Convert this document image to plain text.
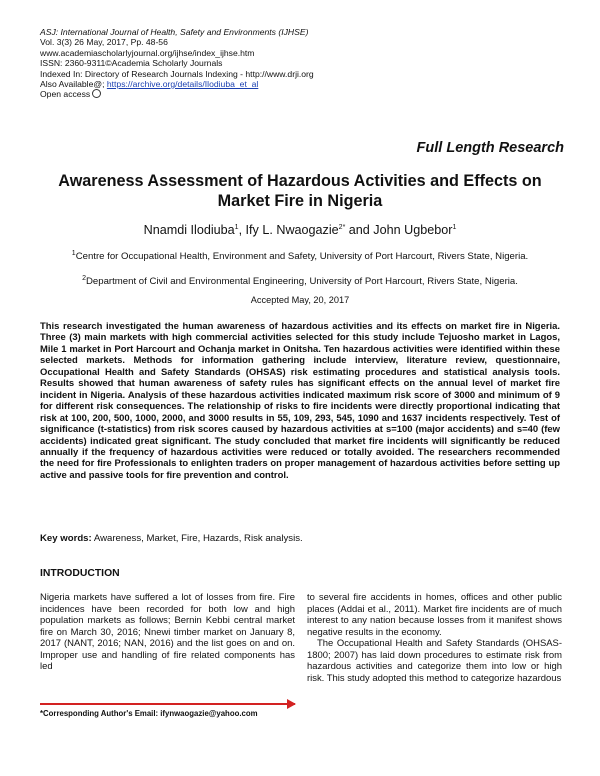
ASJ: International Journal of Health, Safety and Environments (IJHSE)
Vol. 3(3) 26 May, 2017, Pp. 48-56
www.academiascholarlyjournal.org/ijhse/index_ijhse.htm
ISSN: 2360-9311©Academia Scholarly Journals
Indexed In: Directory of Research Journals Indexing - http://www.drji.org
Also Available@; https://archive.org/details/Ilodiuba_et_al
Open access
Full Length Research
Awareness Assessment of Hazardous Activities and Effects on Market Fire in Nigeria
Nnamdi Ilodiuba$^1$, Ify L. Nwaogazie$^{2*}$ and John Ugbebor$^1$
$^1$Centre for Occupational Health, Environment and Safety, University of Port Harcourt, Rivers State, Nigeria.
$^2$Department of Civil and Environmental Engineering, University of Port Harcourt, Rivers State, Nigeria.
Accepted May, 20, 2017
This research investigated the human awareness of hazardous activities and its effects on market fire in Nigeria. Three (3) main markets with high commercial activities selected for this study include Tejuosho market in Lagos, Mile 1 market in Port Harcourt and Ochanja market in Onitsha. Ten hazardous activities were identified within these selected markets. Methods for information gathering include interview, literature review, questionnaire, Occupational Health and Safety Standards (OHSAS) risk estimating procedures and statistical analysis tools. Results showed that human awareness of safety rules has significant effects on the annual level of market fire incident in Nigeria. Analysis of these hazardous activities indicated maximum risk score of 3000 and minimum of 9 for different risk consequences. The relationship of risks to fire incidents were directly proportional indicating that risk at 100, 200, 500, 1000, 2000, and 3000 results in 55, 109, 293, 545, 1090 and 1637 incidents respectively. Test of significance (t-statistics) from risk scores caused by hazardous activities at s=100 (major accidents) and s=40 (few accidents) indicated great significant. The study concluded that market fire incidents will significantly be reduced annually if the frequency of hazardous activities were reduced or totally avoided. The researchers recommended the need for fire Professionals to enlighten traders on proper management of hazardous activities before setting up active and passive tools for fire prevention and control.
Key words: Awareness, Market, Fire, Hazards, Risk analysis.
INTRODUCTION

Nigeria markets have suffered a lot of losses from fire. Fire incidences have been recorded for both low and high population markets as follows; Bernin Kebbi central market fire on March 30, 2016; Nnewi timber market on January 8, 2017 (NANT, 2016; NAN, 2016) and the list goes on and on. Improper use and handling of fire related components has led

to several fire accidents in homes, offices and other public places (Addai et al., 2011). Market fire incidents are of much interest to any nation because losses from it manifest shows negative results in the economy.

The Occupational Health and Safety Standards (OHSAS-1800; 2007) has laid down procedures to estimate risk from hazardous activities and categorize them into low or high risk. This study adopted this method to categorize hazardous

*Corresponding Author's Email: ifynwaogazie@yahoo.com
